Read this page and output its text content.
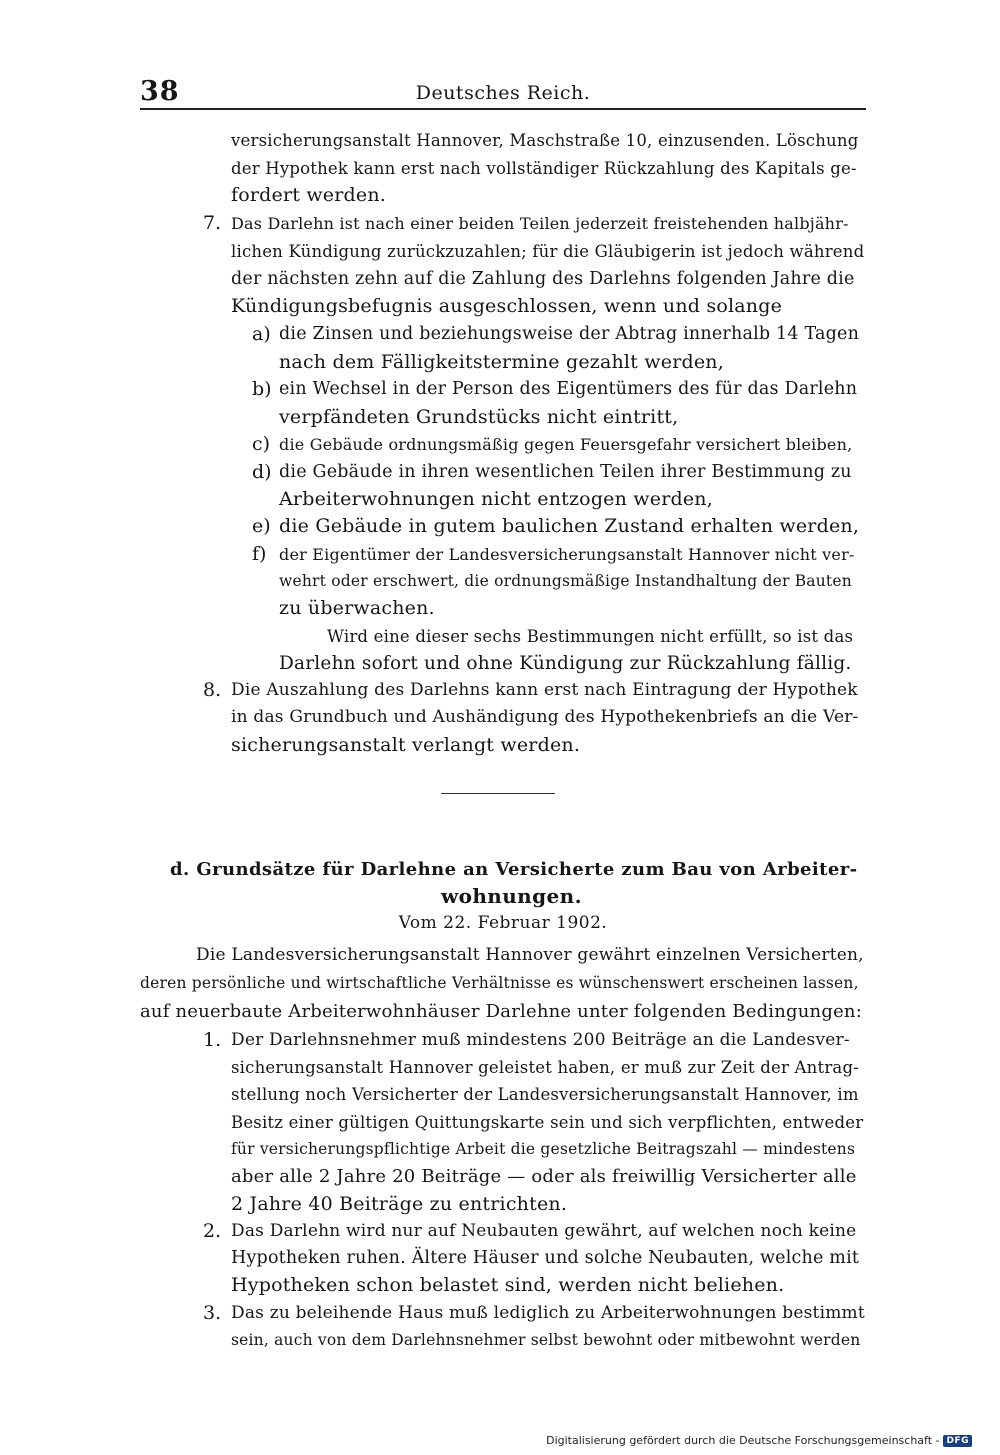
38	Deutsches Reich.
versicherungsanstalt Hannover, Maschstraße 10, einzusenden. Löschung
der Hypothek kann erst nach vollständiger Rückzahlung des Kapitals ge-
fordert werden.
7. Das Darlehn ist nach einer beiden Teilen jederzeit freistehenden halbjähr-
lichen Kündigung zurückzuzahlen; für die Gläubigerin ist jedoch während
der nächsten zehn auf die Zahlung des Darlehns folgenden Jahre die
Kündigungsbefugnis ausgeschlossen, wenn und solange
a) die Zinsen und beziehungsweise der Abtrag innerhalb 14 Tagen
nach dem Fälligkeitstermine gezahlt werden,
b) ein Wechsel in der Person des Eigentümers des für das Darlehn
verpfändeten Grundstücks nicht eintritt,
c) die Gebäude ordnungsmäßig gegen Feuersgefahr versichert bleiben,
d) die Gebäude in ihren wesentlichen Teilen ihrer Bestimmung zu
Arbeiterwohnungen nicht entzogen werden,
e) die Gebäude in gutem baulichen Zustand erhalten werden,
f) der Eigentümer der Landesversicherungsanstalt Hannover nicht ver-
wehrt oder erschwert, die ordnungsmäßige Instandhaltung der Bauten
zu überwachen.
Wird eine dieser sechs Bestimmungen nicht erfüllt, so ist das
Darlehn sofort und ohne Kündigung zur Rückzahlung fällig.
8. Die Auszahlung des Darlehns kann erst nach Eintragung der Hypothek
in das Grundbuch und Aushändigung des Hypothekenbriefs an die Ver-
sicherungsanstalt verlangt werden.
d. Grundsätze für Darlehne an Versicherte zum Bau von Arbeiter-
wohnungen.
Vom 22. Februar 1902.
Die Landesversicherungsanstalt Hannover gewährt einzelnen Versicherten,
deren persönliche und wirtschaftliche Verhältnisse es wünschenswert erscheinen lassen,
auf neuerbaute Arbeiterwohnhäuser Darlehne unter folgenden Bedingungen:
1. Der Darlehnsnehmer muß mindestens 200 Beiträge an die Landesver-
sicherungsanstalt Hannover geleistet haben, er muß zur Zeit der Antrag-
stellung noch Versicherter der Landesversicherungsanstalt Hannover, im
Besitz einer gültigen Quittungskarte sein und sich verpflichten, entweder
für versicherungspflichtige Arbeit die gesetzliche Beitragszahl — mindestens
aber alle 2 Jahre 20 Beiträge — oder als freiwillig Versicherter alle
2 Jahre 40 Beiträge zu entrichten.
2. Das Darlehn wird nur auf Neubauten gewährt, auf welchen noch keine
Hypotheken ruhen. Ältere Häuser und solche Neubauten, welche mit
Hypotheken schon belastet sind, werden nicht beliehen.
3. Das zu beleihende Haus muß lediglich zu Arbeiterwohnungen bestimmt
sein, auch von dem Darlehnsnehmer selbst bewohnt oder mitbewohnt werden
Digitalisierung gefördert durch die Deutsche Forschungsgemeinschaft - DFG
